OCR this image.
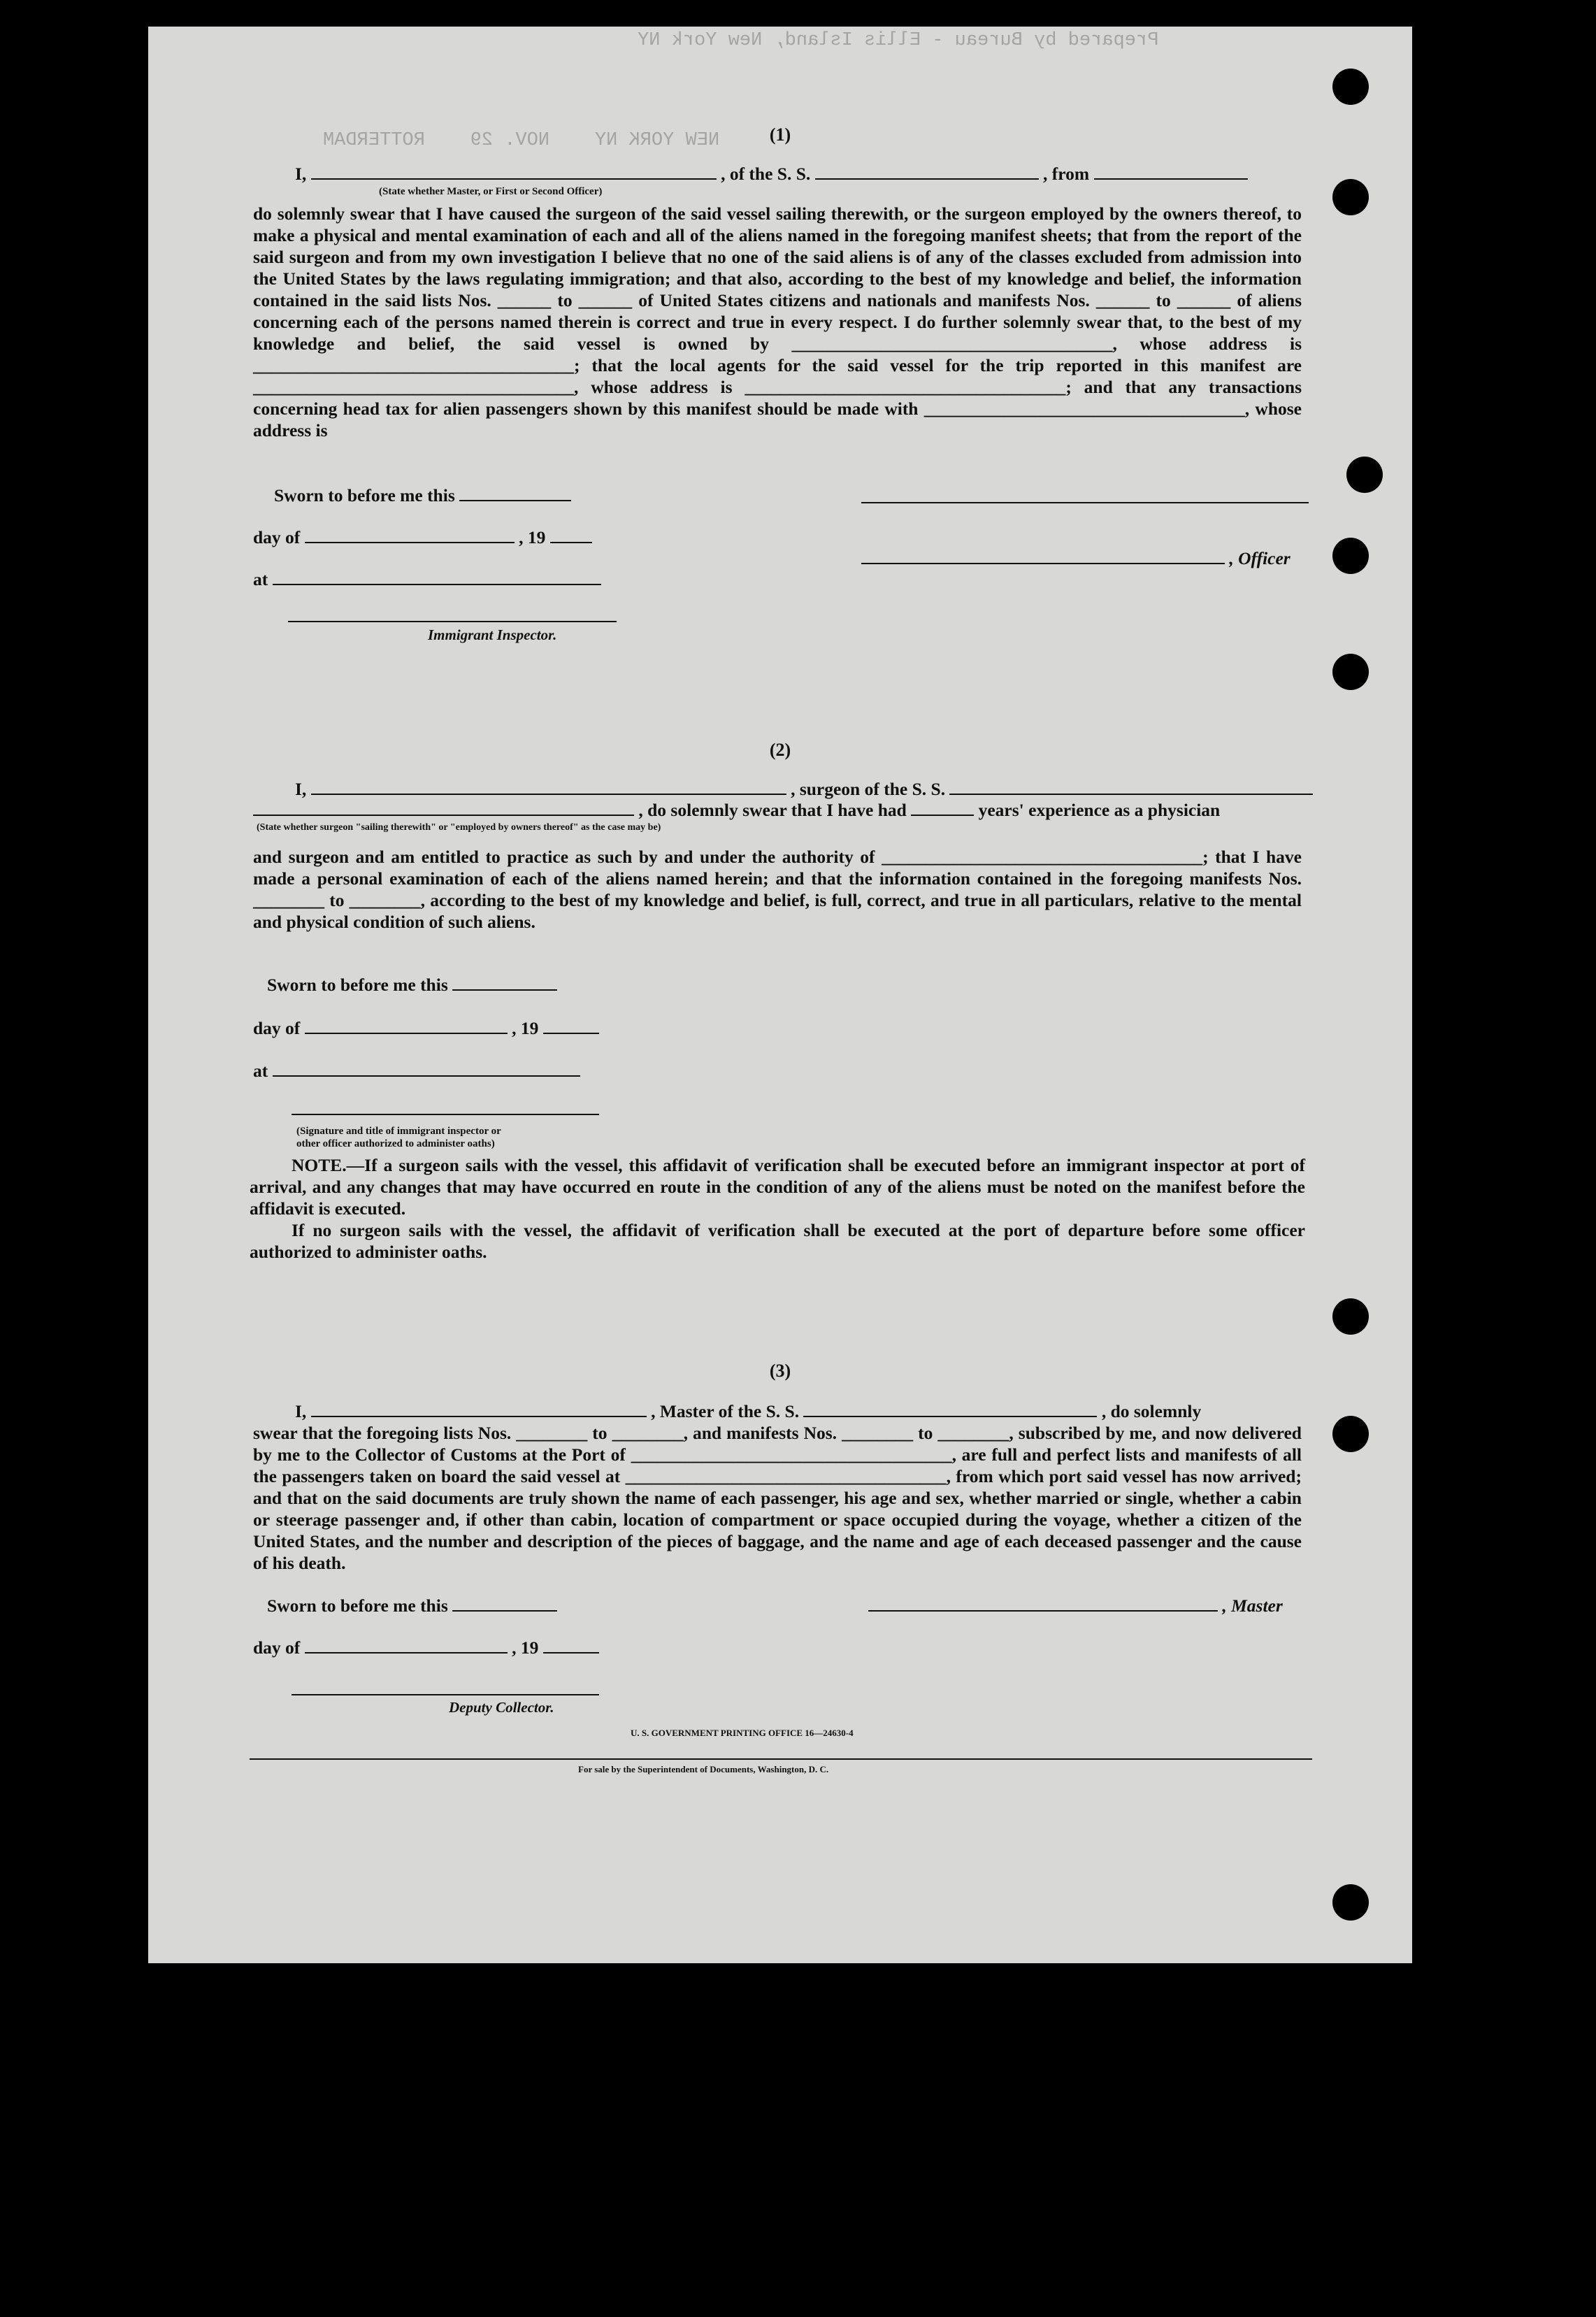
Prepared by Bureau - Ellis Island, New York NY
NEW YORK NY    NOV. 29    ROTTERDAM	(1)
I,	, of the S. S.	, from
(State whether Master, or First or Second Officer)
do solemnly swear that I have caused the surgeon of the said vessel sailing therewith, or the surgeon employed by the owners thereof, to make a physical and mental examination of each and all of the aliens named in the foregoing manifest sheets; that from the report of the said surgeon and from my own investigation I believe that no one of the said aliens is of any of the classes excluded from admission into the United States by the laws regulating immigration; and that also, according to the best of my knowledge and belief, the information contained in the said lists Nos. ______ to ______ of United States citizens and nationals and manifests Nos. ______ to ______ of aliens concerning each of the persons named therein is correct and true in every respect. I do further solemnly swear that, to the best of my knowledge and belief, the said vessel is owned by ____________________________________, whose address is ____________________________________; that the local agents for the said vessel for the trip reported in this manifest are ____________________________________, whose address is ____________________________________; and that any transactions concerning head tax for alien passengers shown by this manifest should be made with ____________________________________, whose address is
Sworn to before me this
day of	, 19
, Officer
at
Immigrant Inspector.
(2)
I,	, surgeon of the S. S.
, do solemnly swear that I have had	years' experience as a physician
(State whether surgeon "sailing therewith" or "employed by owners thereof" as the case may be)
and surgeon and am entitled to practice as such by and under the authority of ____________________________________; that I have made a personal examination of each of the aliens named herein; and that the information contained in the foregoing manifests Nos. ________ to ________, according to the best of my knowledge and belief, is full, correct, and true in all particulars, relative to the mental and physical condition of such aliens.
Sworn to before me this
day of	, 19
at
(Signature and title of immigrant inspector or
other officer authorized to administer oaths)
NOTE.—If a surgeon sails with the vessel, this affidavit of verification shall be executed before an immigrant inspector at port of arrival, and any changes that may have occurred en route in the condition of any of the aliens must be noted on the manifest before the affidavit is executed.
If no surgeon sails with the vessel, the affidavit of verification shall be executed at the port of departure before some officer authorized to administer oaths.
(3)
I,	, Master of the S. S.	, do solemnly
swear that the foregoing lists Nos. ________ to ________, and manifests Nos. ________ to ________, subscribed by me, and now delivered by me to the Collector of Customs at the Port of ____________________________________, are full and perfect lists and manifests of all the passengers taken on board the said vessel at ____________________________________, from which port said vessel has now arrived; and that on the said documents are truly shown the name of each passenger, his age and sex, whether married or single, whether a cabin or steerage passenger and, if other than cabin, location of compartment or space occupied during the voyage, whether a citizen of the United States, and the number and description of the pieces of baggage, and the name and age of each deceased passenger and the cause of his death.
Sworn to before me this	, Master
day of	, 19
Deputy Collector.
U. S. GOVERNMENT PRINTING OFFICE 16—24630-4
For sale by the Superintendent of Documents, Washington, D. C.
